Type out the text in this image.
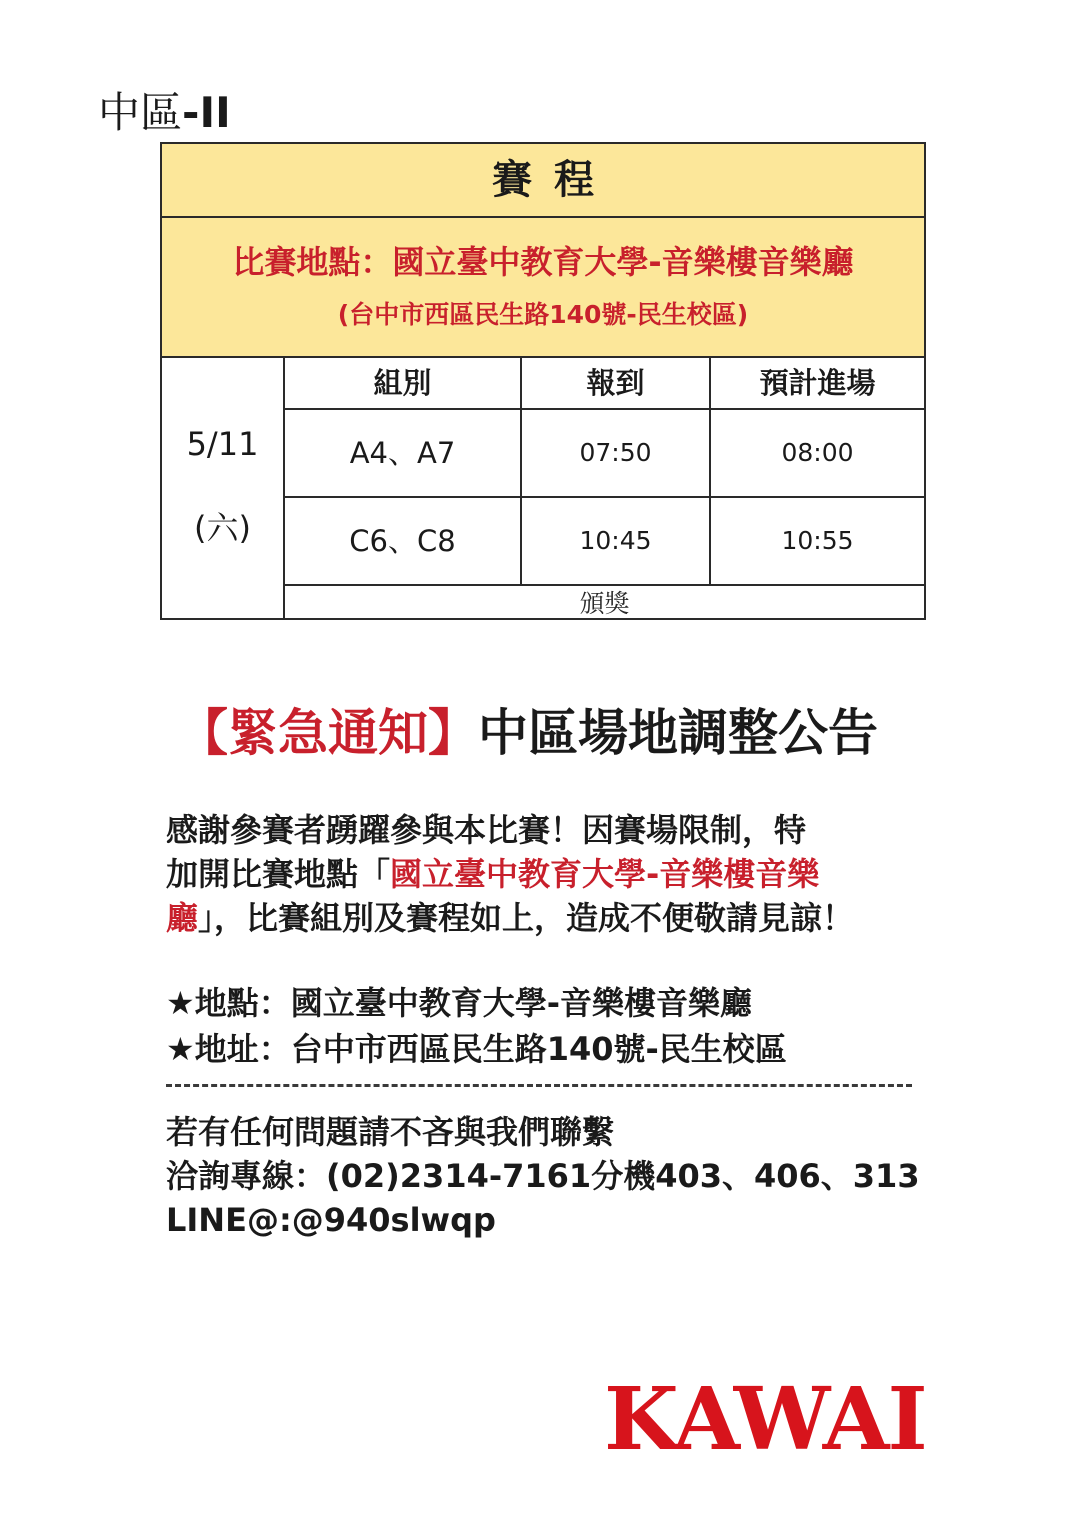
中區-II
賽程
比賽地點：國立臺中教育大學-音樂樓音樂廳
(台中市西區民生路140號-民生校區)
5/11
(六)
組別	報到	預計進場
A4、A7	07:50	08:00
C6、C8	10:45	10:55
頒獎
【緊急通知】中區場地調整公告
感謝參賽者踴躍參與本比賽！因賽場限制，特
加開比賽地點「國立臺中教育大學-音樂樓音樂
廳」，比賽組別及賽程如上，造成不便敬請見諒！
★地點：國立臺中教育大學-音樂樓音樂廳
★地址：台中市西區民生路140號-民生校區
若有任何問題請不吝與我們聯繫
洽詢專線：(02)2314-7161分機403、406、313
LINE@:@940slwqp
KAWAI
